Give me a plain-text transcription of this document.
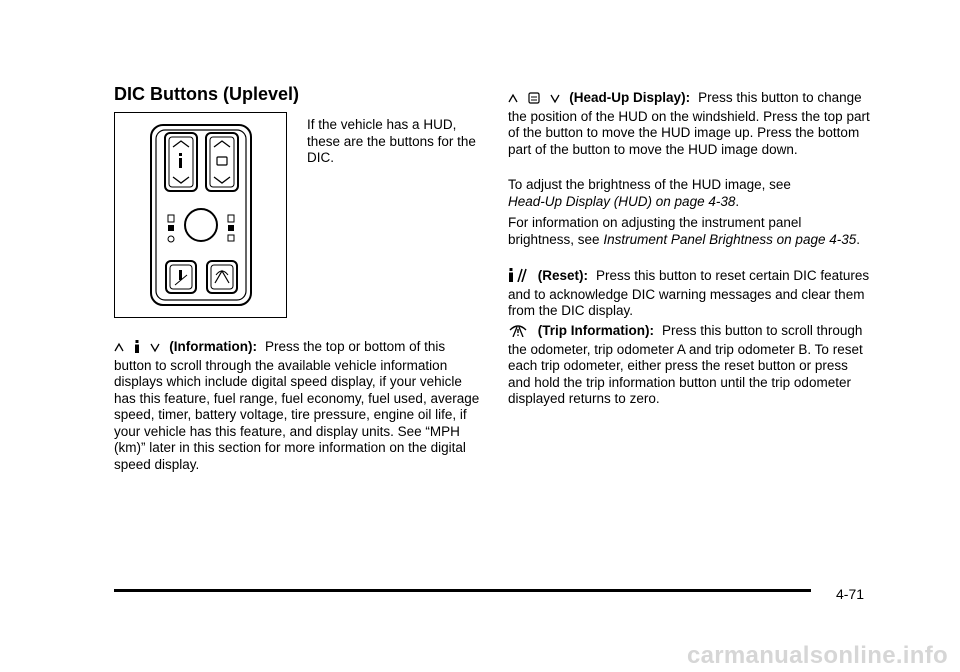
DIC Buttons (Uplevel)

If the vehicle has a HUD, these are the buttons for the DIC.

(Information): Press the top or bottom of this button to scroll through the available vehicle information displays which include digital speed display, if your vehicle has this feature, fuel range, fuel economy, fuel used, average speed, timer, battery voltage, tire pressure, engine oil life, if your vehicle has this feature, and display units. See “MPH (km)” later in this section for more information on the digital speed display.

(Head-Up Display): Press this button to change the position of the HUD on the windshield. Press the top part of the button to move the HUD image up. Press the bottom part of the button to move the HUD image down.

To adjust the brightness of the HUD image, see
Head-Up Display (HUD) on page 4-38.

For information on adjusting the instrument panel brightness, see Instrument Panel Brightness on page 4-35.

(Reset): Press this button to reset certain DIC features and to acknowledge DIC warning messages and clear them from the DIC display.

(Trip Information): Press this button to scroll through the odometer, trip odometer A and trip odometer B. To reset each trip odometer, either press the reset button or press and hold the trip information button until the trip odometer displayed returns to zero.

4-71
carmanualsonline.info
